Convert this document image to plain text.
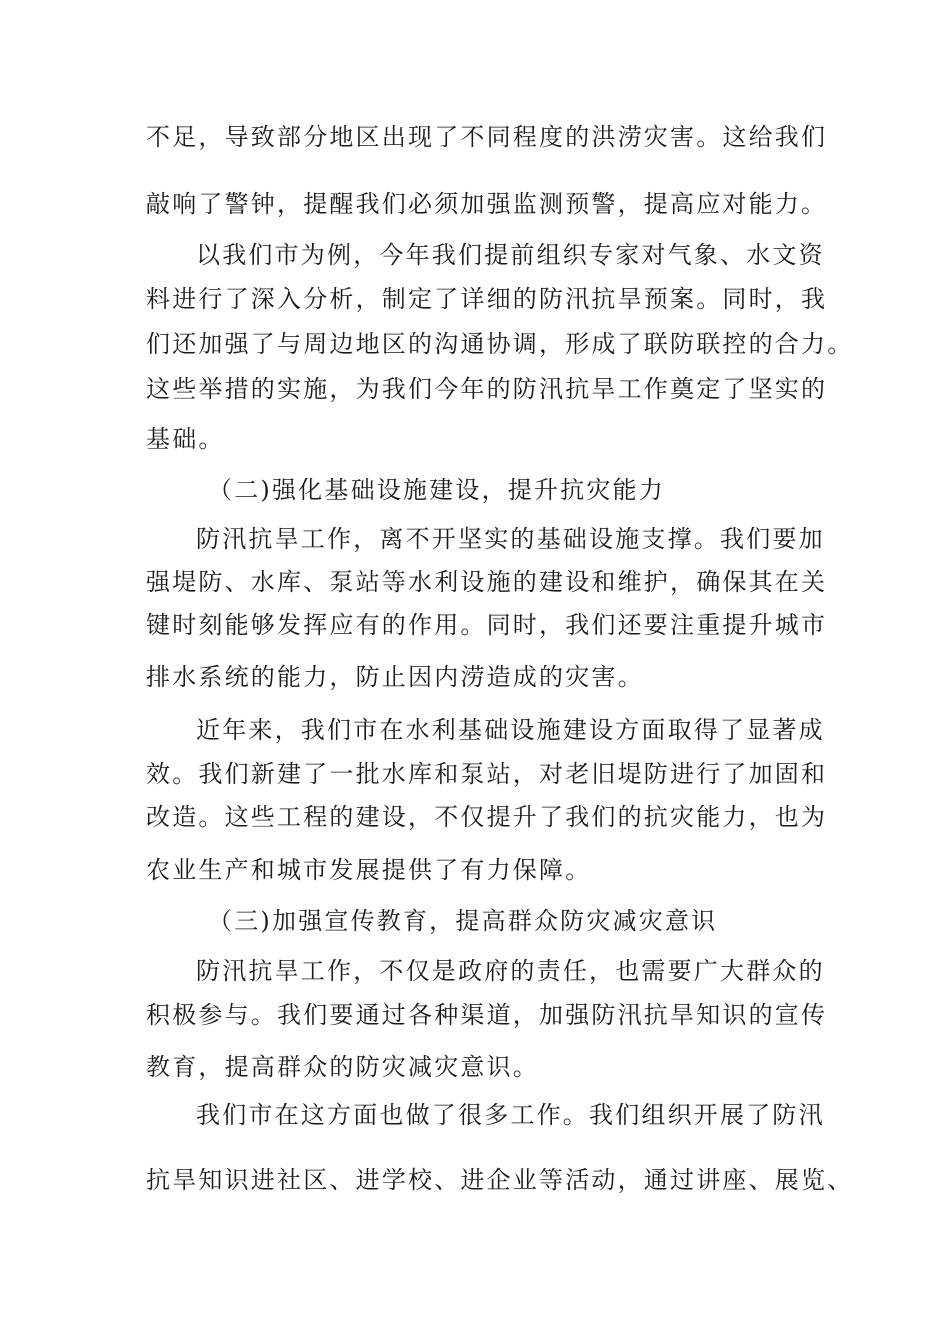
不足，导致部分地区出现了不同程度的洪涝灾害。这给我们
敲响了警钟，提醒我们必须加强监测预警，提高应对能力。
以我们市为例，今年我们提前组织专家对气象、水文资
料进行了深入分析，制定了详细的防汛抗旱预案。同时，我
们还加强了与周边地区的沟通协调，形成了联防联控的合力。
这些举措的实施，为我们今年的防汛抗旱工作奠定了坚实的
基础。
（二)强化基础设施建设，提升抗灾能力
防汛抗旱工作，离不开坚实的基础设施支撑。我们要加
强堤防、水库、泵站等水利设施的建设和维护，确保其在关
键时刻能够发挥应有的作用。同时，我们还要注重提升城市
排水系统的能力，防止因内涝造成的灾害。
近年来，我们市在水利基础设施建设方面取得了显著成
效。我们新建了一批水库和泵站，对老旧堤防进行了加固和
改造。这些工程的建设，不仅提升了我们的抗灾能力，也为
农业生产和城市发展提供了有力保障。
（三)加强宣传教育，提高群众防灾减灾意识
防汛抗旱工作，不仅是政府的责任，也需要广大群众的
积极参与。我们要通过各种渠道，加强防汛抗旱知识的宣传
教育，提高群众的防灾减灾意识。
我们市在这方面也做了很多工作。我们组织开展了防汛
抗旱知识进社区、进学校、进企业等活动，通过讲座、展览、
